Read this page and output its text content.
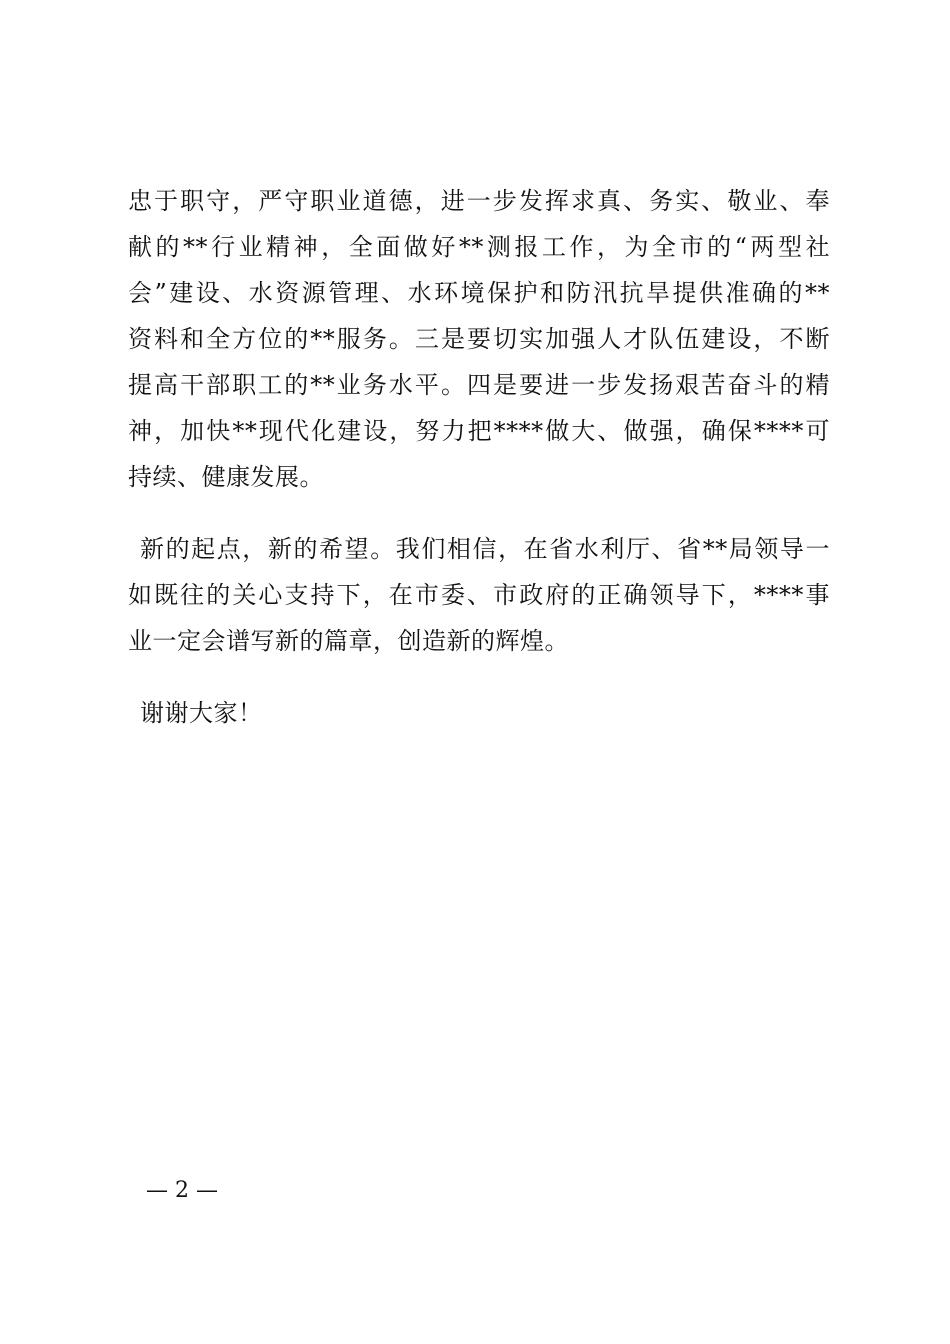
忠于职守，严守职业道德，进一步发挥求真、务实、敬业、奉
献的**行业精神，全面做好**测报工作，为全市的“两型社
会”建设、水资源管理、水环境保护和防汛抗旱提供准确的**
资料和全方位的**服务。三是要切实加强人才队伍建设，不断
提高干部职工的**业务水平。四是要进一步发扬艰苦奋斗的精
神，加快**现代化建设，努力把****做大、做强，确保****可
持续、健康发展。
新的起点，新的希望。我们相信，在省水利厅、省**局领导一
如既往的关心支持下，在市委、市政府的正确领导下，****事
业一定会谱写新的篇章，创造新的辉煌。
谢谢大家！
— 2 —
